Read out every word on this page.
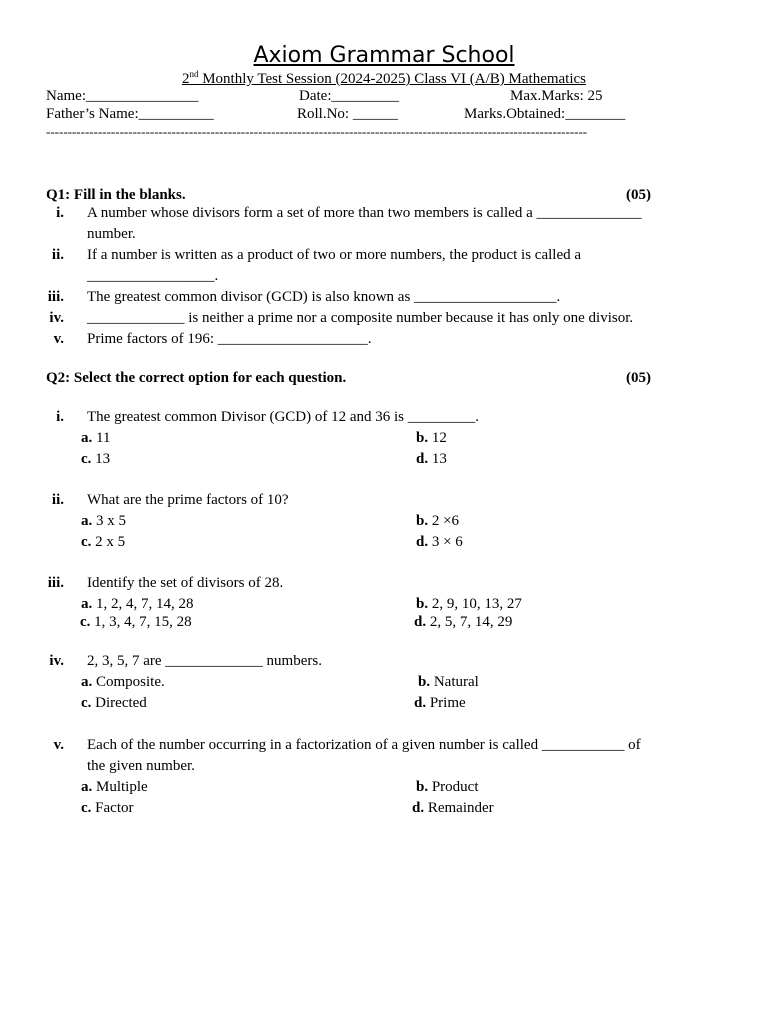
Axiom Grammar School
2nd Monthly Test Session (2024-2025) Class VI (A/B) Mathematics
Name:_______________	Date:_________	Max.Marks: 25
Father’s Name:__________	Roll.No: ______	Marks.Obtained:________
-----------------------------------------------------------------------------------------------------------------------------
Q1: Fill in the blanks.	(05)
i. A number whose divisors form a set of more than two members is called a ______________
number.
ii. If a number is written as a product of two or more numbers, the product is called a
_________________.
iii. The greatest common divisor (GCD) is also known as ___________________.
iv. _____________ is neither a prime nor a composite number because it has only one divisor.
v. Prime factors of 196: ____________________.
Q2: Select the correct option for each question.	(05)
i. The greatest common Divisor (GCD) of 12 and 36 is _________.
a. 11	b. 12
c. 13	d. 13
ii. What are the prime factors of 10?
a. 3 x 5	b. 2 ×6
c. 2 x 5	d. 3 × 6
iii. Identify the set of divisors of 28.
a. 1, 2, 4, 7, 14, 28	b. 2, 9, 10, 13, 27
c. 1, 3, 4, 7, 15, 28	d. 2, 5, 7, 14, 29
iv. 2, 3, 5, 7 are _____________ numbers.
a. Composite.	b. Natural
c. Directed	d. Prime
v. Each of the number occurring in a factorization of a given number is called ___________ of
the given number.
a. Multiple	b. Product
c. Factor	d. Remainder
